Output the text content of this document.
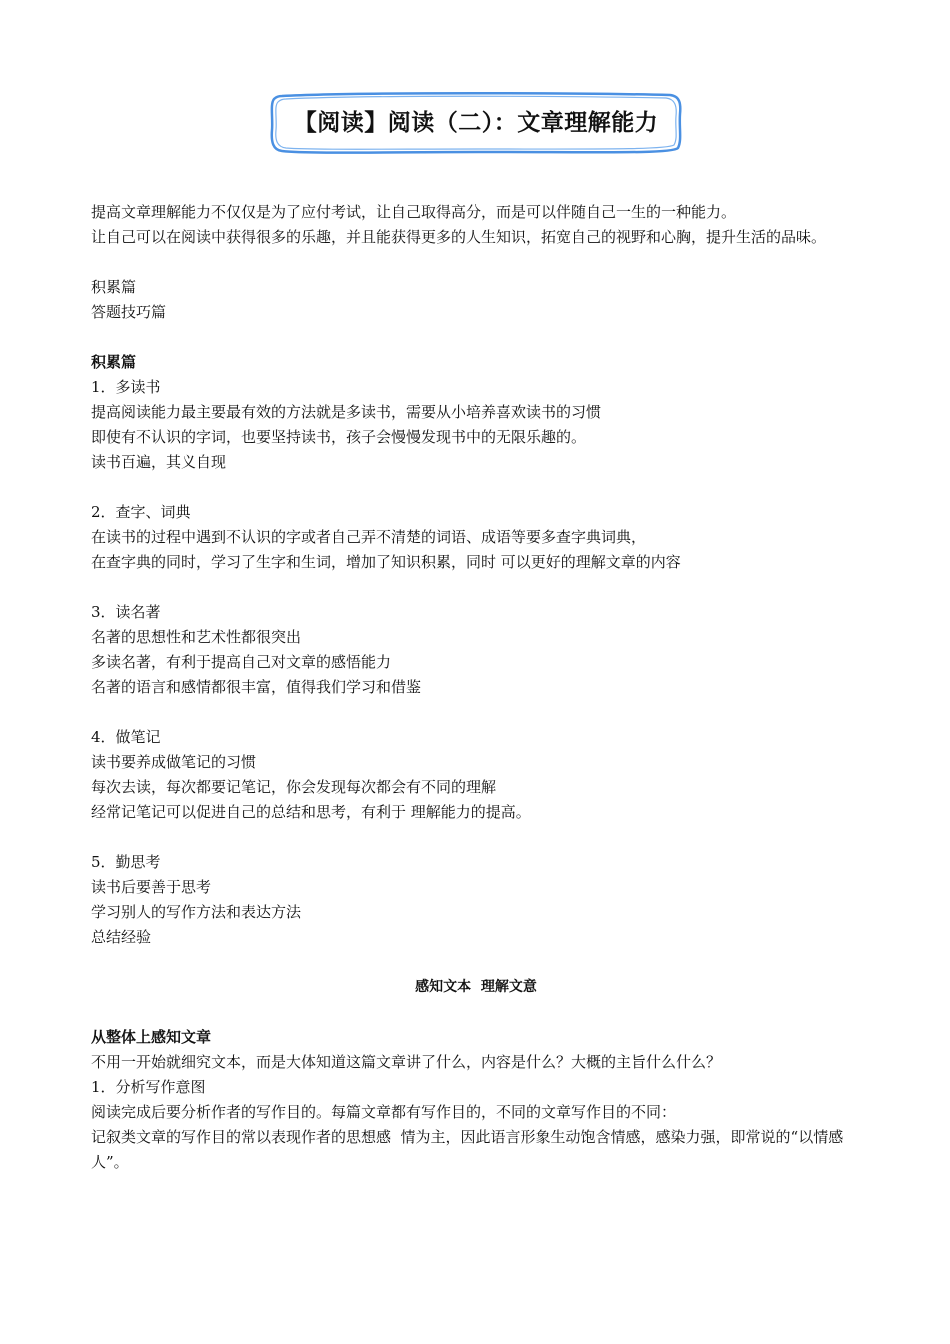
【阅读】阅读（二）：文章理解能力

提高文章理解能力不仅仅是为了应付考试，让自己取得高分，而是可以伴随自己一生的一种能力。

让自己可以在阅读中获得很多的乐趣，并且能获得更多的人生知识，拓宽自己的视野和心胸，提升生活的品味。

积累篇

答题技巧篇

积累篇

1．多读书

提高阅读能力最主要最有效的方法就是多读书，需要从小培养喜欢读书的习惯

即使有不认识的字词，也要坚持读书，孩子会慢慢发现书中的无限乐趣的。

读书百遍，其义自现

2．查字、词典

在读书的过程中遇到不认识的字或者自己弄不清楚的词语、成语等要多查字典词典，

在查字典的同时，学习了生字和生词，增加了知识积累，同时 可以更好的理解文章的内容

3．读名著

名著的思想性和艺术性都很突出

多读名著，有利于提高自己对文章的感悟能力

名著的语言和感情都很丰富，值得我们学习和借鉴

4．做笔记

读书要养成做笔记的习惯

每次去读，每次都要记笔记，你会发现每次都会有不同的理解

经常记笔记可以促进自己的总结和思考，有利于 理解能力的提高。

5．勤思考

读书后要善于思考

学习别人的写作方法和表达方法

总结经验

感知文本  理解文意

从整体上感知文章

不用一开始就细究文本，而是大体知道这篇文章讲了什么，内容是什么？大概的主旨什么什么？

1．分析写作意图

阅读完成后要分析作者的写作目的。每篇文章都有写作目的，不同的文章写作目的不同：

记叙类文章的写作目的常以表现作者的思想感  情为主，因此语言形象生动饱含情感，感染力强，即常说的“以情感人”。
